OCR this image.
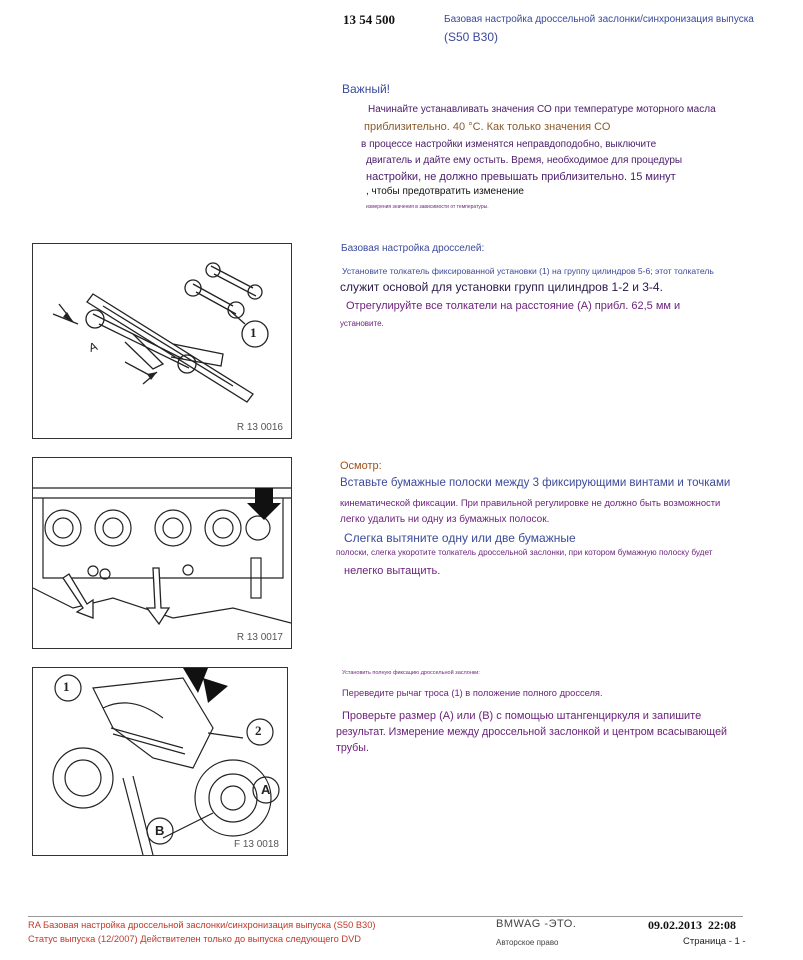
13 54 500	Базовая настройка дроссельной заслонки/синхронизация выпуска
(S50 B30)
Важный!
Начинайте устанавливать значения СО при температуре моторного масла
приблизительно. 40 °С. Как только значения СО
в процессе настройки изменятся неправдоподобно, выключите
двигатель и дайте ему остыть. Время, необходимое для процедуры
настройки, не должно превышать приблизительно. 15 минут
, чтобы предотвратить изменение
измерения значения в зависимости от температуры.
1
A
R 13 0016
Базовая настройка дросселей:
Установите толкатель фиксированной установки (1) на группу цилиндров 5-6; этот толкатель
служит основой для установки групп цилиндров 1-2 и 3-4.
Отрегулируйте все толкатели на расстояние (А) прибл. 62,5 мм и
установите.
R 13 0017
Осмотр:
Вставьте бумажные полоски между 3 фиксирующими винтами и точками
кинематической фиксации. При правильной регулировке не должно быть возможности
легко удалить ни одну из бумажных полосок.
Слегка вытяните одну или две бумажные
полоски, слегка укоротите толкатель дроссельной заслонки, при котором бумажную полоску будет
нелегко вытащить.
1
2
A
B
F 13 0018
Установить полную фиксацию дроссельной заслонки:
Переведите рычаг троса (1) в положение полного дросселя.
Проверьте размер (А) или (В) с помощью штангенциркуля и запишите
результат. Измерение между дроссельной заслонкой и центром всасывающей
трубы.
RA Базовая настройка дроссельной заслонки/синхронизация выпуска (S50 B30)
Статус выпуска (12/2007) Действителен только до выпуска следующего DVD
BMWAG -ЭТО.
Авторское право
09.02.2013  22:08
Страница - 1 -
